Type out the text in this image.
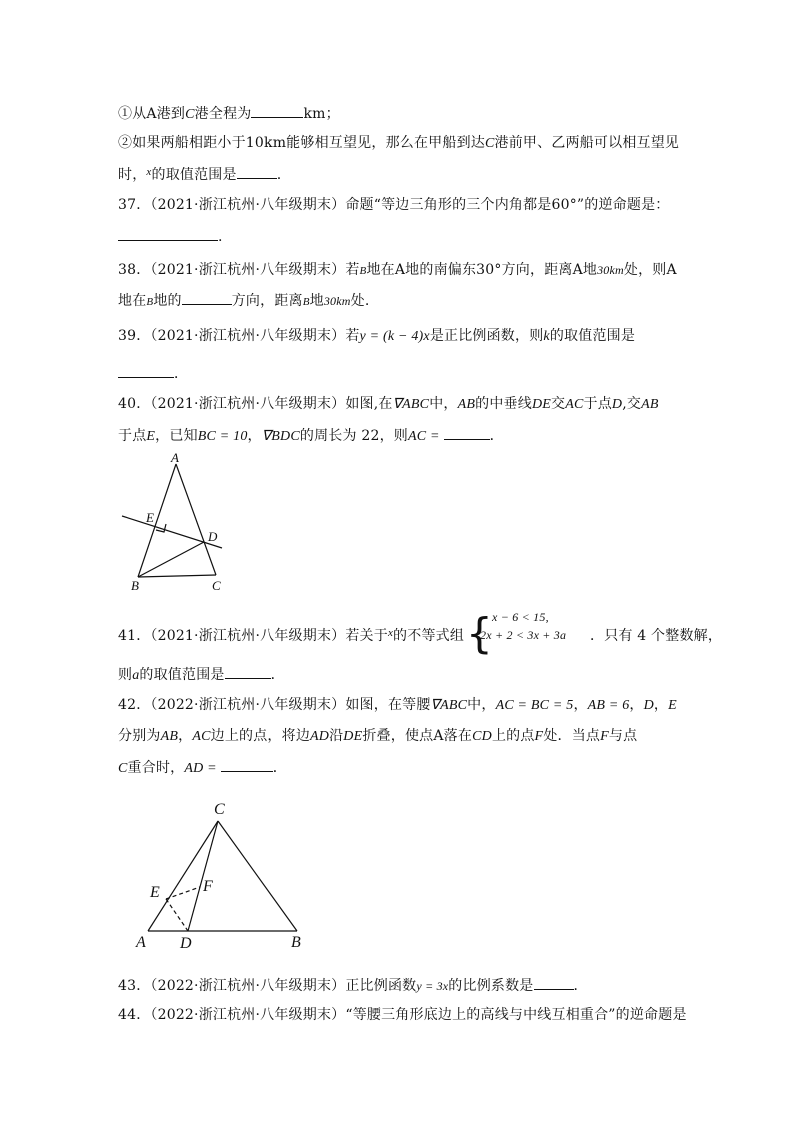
①从A港到C港全程为	km；
②如果两船相距小于10km能够相互望见，那么在甲船到达C港前甲、乙两船可以相互望见
时，$^x$的取值范围是	.
37．（2021·浙江杭州·八年级期末）命题“等边三角形的三个内角都是60°”的逆命题是：
.
38．（2021·浙江杭州·八年级期末）若B地在A地的南偏东30°方向，距离A地30km处，则A
地在B地的	方向，距离B地30km处.
39．（2021·浙江杭州·八年级期末）若y = (k − 4)x是正比例函数，则k的取值范围是
．
40．（2021·浙江杭州·八年级期末）如图,在∇ABC中，AB的中垂线DE交AC于点D,交AB
于点E，已知BC = 10，∇BDC的周长为 22，则AC =	．
A
B	C
D
E
41．（2021·浙江杭州·八年级期末）若关于$^x$的不等式组 { x − 6 < 15,
2x + 2 < 3x + 3a ．只有 4 个整数解，
则a的取值范围是	．
42．（2022·浙江杭州·八年级期末）如图，在等腰∇ABC中，AC = BC = 5，AB = 6，D，E
分别为AB，AC边上的点，将边AD沿DE折叠，使点A落在CD上的点F处．当点F与点
C重合时，AD =	．
C
A	B
D
E	F
43．（2022·浙江杭州·八年级期末）正比例函数y = 3x的比例系数是	．
44．（2022·浙江杭州·八年级期末）“等腰三角形底边上的高线与中线互相重合”的逆命题是
